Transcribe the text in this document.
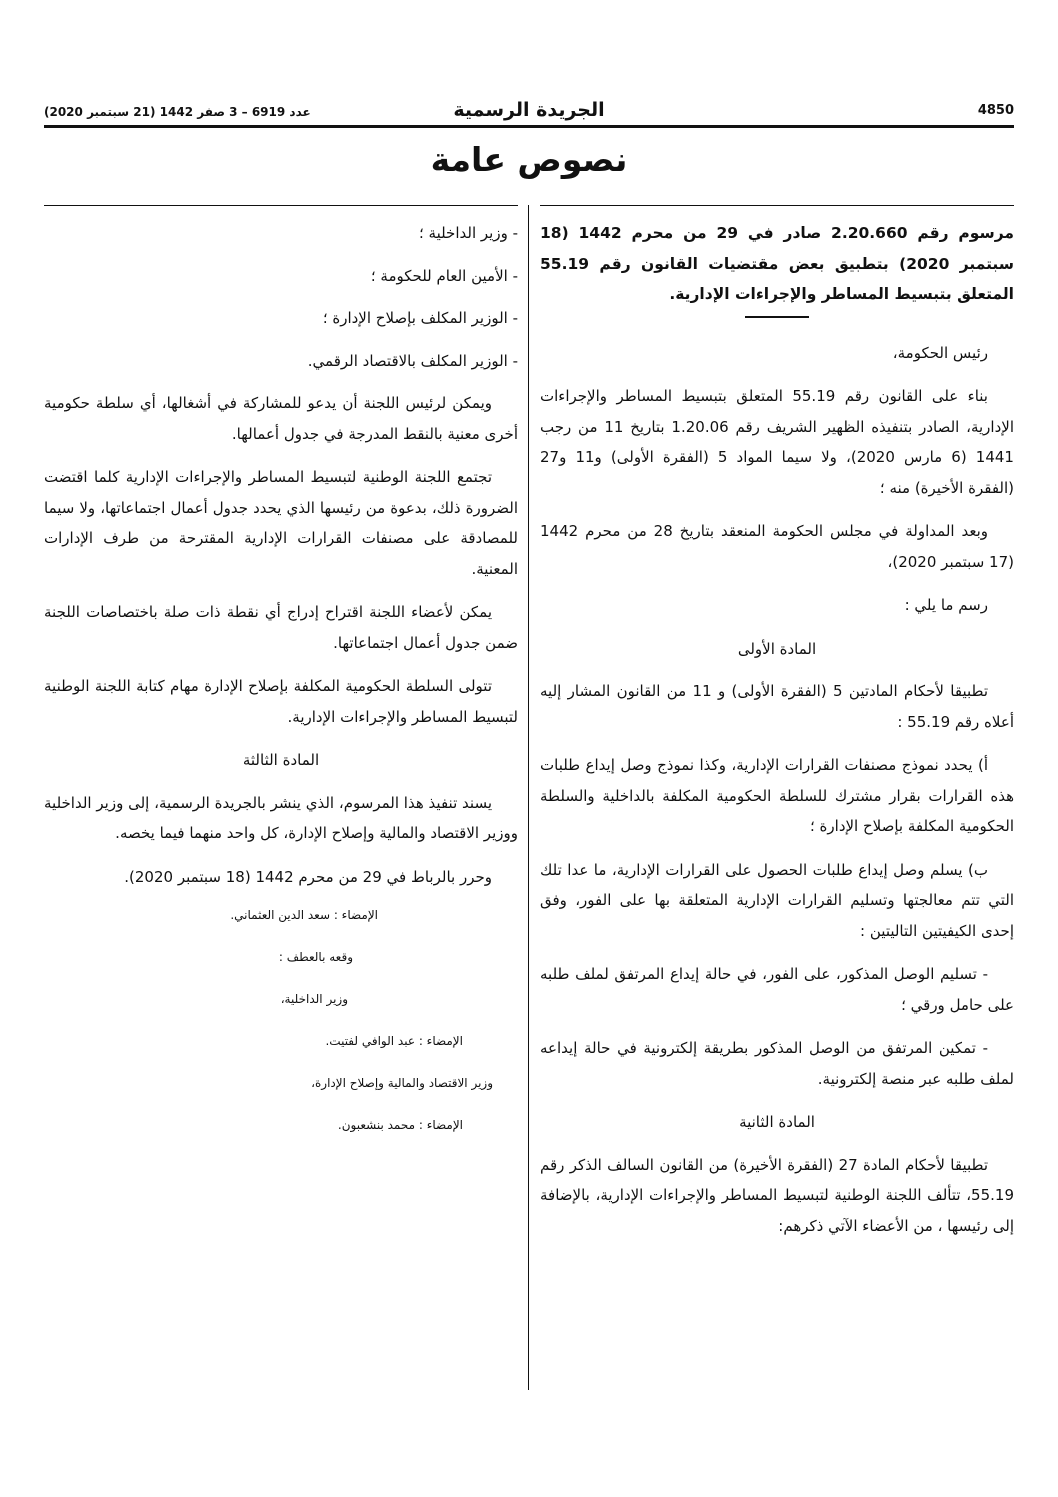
عدد 6919 – 3 صفر 1442 (21 سبتمبر 2020)	الجريدة الرسمية	4850
نصوص عامة

مرسوم رقم 2.20.660 صادر في 29 من محرم 1442 (18 سبتمبر 2020) بتطبيق بعض مقتضيات القانون رقم 55.19 المتعلق بتبسيط المساطر والإجراءات الإدارية.

رئيس الحكومة،

بناء على القانون رقم 55.19 المتعلق بتبسيط المساطر والإجراءات الإدارية، الصادر بتنفيذه الظهير الشريف رقم 1.20.06 بتاريخ 11 من رجب 1441 (6 مارس 2020)، ولا سيما المواد 5 (الفقرة الأولى) و11 و27 (الفقرة الأخيرة) منه ؛

وبعد المداولة في مجلس الحكومة المنعقد بتاريخ 28 من محرم 1442 (17 سبتمبر 2020)،

رسم ما يلي :

المادة الأولى

تطبيقا لأحكام المادتين 5 (الفقرة الأولى) و 11 من القانون المشار إليه أعلاه رقم 55.19 :

أ) يحدد نموذج مصنفات القرارات الإدارية، وكذا نموذج وصل إيداع طلبات هذه القرارات بقرار مشترك للسلطة الحكومية المكلفة بالداخلية والسلطة الحكومية المكلفة بإصلاح الإدارة ؛

ب) يسلم وصل إيداع طلبات الحصول على القرارات الإدارية، ما عدا تلك التي تتم معالجتها وتسليم القرارات الإدارية المتعلقة بها على الفور، وفق إحدى الكيفيتين التاليتين :

- تسليم الوصل المذكور، على الفور، في حالة إيداع المرتفق لملف طلبه على حامل ورقي ؛

- تمكين المرتفق من الوصل المذكور بطريقة إلكترونية في حالة إيداعه لملف طلبه عبر منصة إلكترونية.

المادة الثانية

تطبيقا لأحكام المادة 27 (الفقرة الأخيرة) من القانون السالف الذكر رقم 55.19، تتألف اللجنة الوطنية لتبسيط المساطر والإجراءات الإدارية، بالإضافة إلى رئيسها ، من الأعضاء الآتي ذكرهم:

- وزير الداخلية ؛

- الأمين العام للحكومة ؛

- الوزير المكلف بإصلاح الإدارة ؛

- الوزير المكلف بالاقتصاد الرقمي.

ويمكن لرئيس اللجنة أن يدعو للمشاركة في أشغالها، أي سلطة حكومية أخرى معنية بالنقط المدرجة في جدول أعمالها.

تجتمع اللجنة الوطنية لتبسيط المساطر والإجراءات الإدارية كلما اقتضت الضرورة ذلك، بدعوة من رئيسها الذي يحدد جدول أعمال اجتماعاتها، ولا سيما للمصادقة على مصنفات القرارات الإدارية المقترحة من طرف الإدارات المعنية.

يمكن لأعضاء اللجنة اقتراح إدراج أي نقطة ذات صلة باختصاصات اللجنة ضمن جدول أعمال اجتماعاتها.

تتولى السلطة الحكومية المكلفة بإصلاح الإدارة مهام كتابة اللجنة الوطنية لتبسيط المساطر والإجراءات الإدارية.

المادة الثالثة

يسند تنفيذ هذا المرسوم، الذي ينشر بالجريدة الرسمية، إلى وزير الداخلية ووزير الاقتصاد والمالية وإصلاح الإدارة، كل واحد منهما فيما يخصه.

وحرر بالرباط في 29 من محرم 1442 (18 سبتمبر 2020).

الإمضاء : سعد الدين العثماني.

وقعه بالعطف :

وزير الداخلية،

الإمضاء : عبد الوافي لفتيت.

وزير الاقتصاد والمالية وإصلاح الإدارة،

الإمضاء : محمد بنشعبون.
